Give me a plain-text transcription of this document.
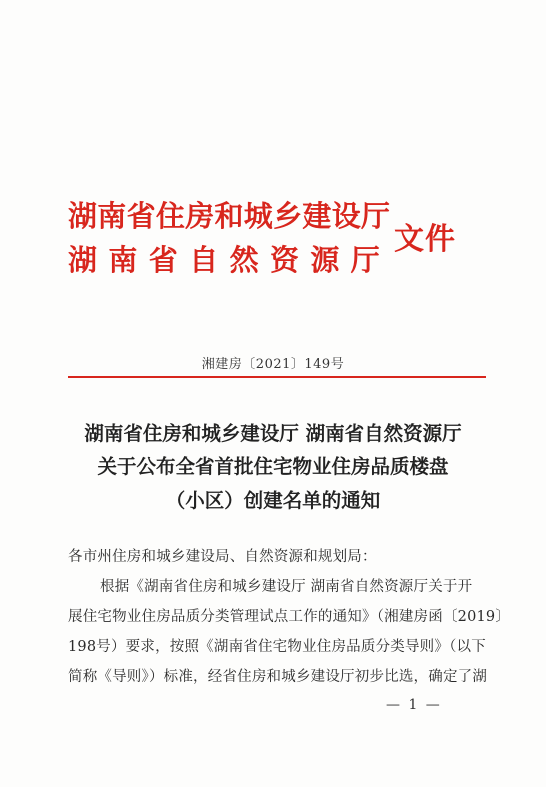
湖南省住房和城乡建设厅
湖南省自然资源厅
文件
湘建房〔2021〕149号
湖南省住房和城乡建设厅 湖南省自然资源厅
关于公布全省首批住宅物业住房品质楼盘
（小区）创建名单的通知
各市州住房和城乡建设局、自然资源和规划局：
根据《湖南省住房和城乡建设厅 湖南省自然资源厅关于开
展住宅物业住房品质分类管理试点工作的通知》（湘建房函〔2019〕
198号）要求，按照《湖南省住宅物业住房品质分类导则》（以下
简称《导则》）标准，经省住房和城乡建设厅初步比选，确定了湖
— 1 —
